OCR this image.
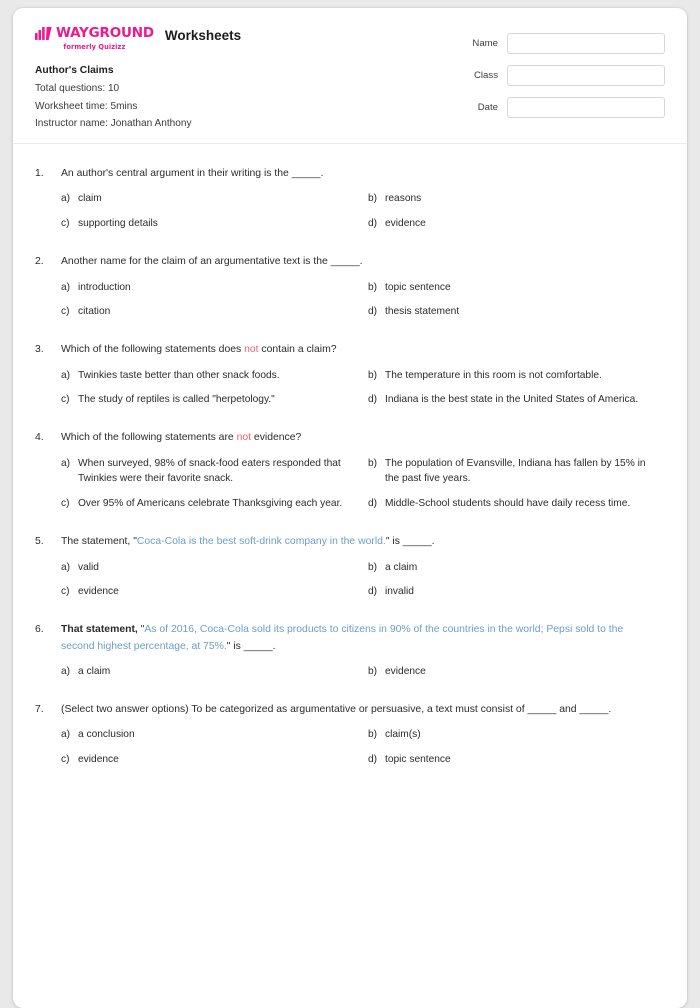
WAYGROUND
formerly Quizizz
Worksheets
Author's Claims
Total questions: 10
Worksheet time: 5mins
Instructor name: Jonathan Anthony
Name
Class
Date
1.	An author's central argument in their writing is the _____.
a) claim	b) reasons
c) supporting details	d) evidence
2.	Another name for the claim of an argumentative text is the _____.
a) introduction	b) topic sentence
c) citation	d) thesis statement
3.	Which of the following statements does not contain a claim?
a) Twinkies taste better than other snack foods.	b) The temperature in this room is not comfortable.
c) The study of reptiles is called "herpetology."	d) Indiana is the best state in the United States of America.
4.	Which of the following statements are not evidence?
a) When surveyed, 98% of snack-food eaters responded that Twinkies were their favorite snack.
b) The population of Evansville, Indiana has fallen by 15% in the past five years.
c) Over 95% of Americans celebrate Thanksgiving each year.	d) Middle-School students should have daily recess time.
5.	The statement, "Coca-Cola is the best soft-drink company in the world." is _____.
a) valid	b) a claim
c) evidence	d) invalid
6.	That statement, "As of 2016, Coca-Cola sold its products to citizens in 90% of the countries in the world; Pepsi sold to the second highest percentage, at 75%." is _____.
a) a claim	b) evidence
7.	(Select two answer options) To be categorized as argumentative or persuasive, a text must consist of _____ and _____.
a) a conclusion	b) claim(s)
c) evidence	d) topic sentence
